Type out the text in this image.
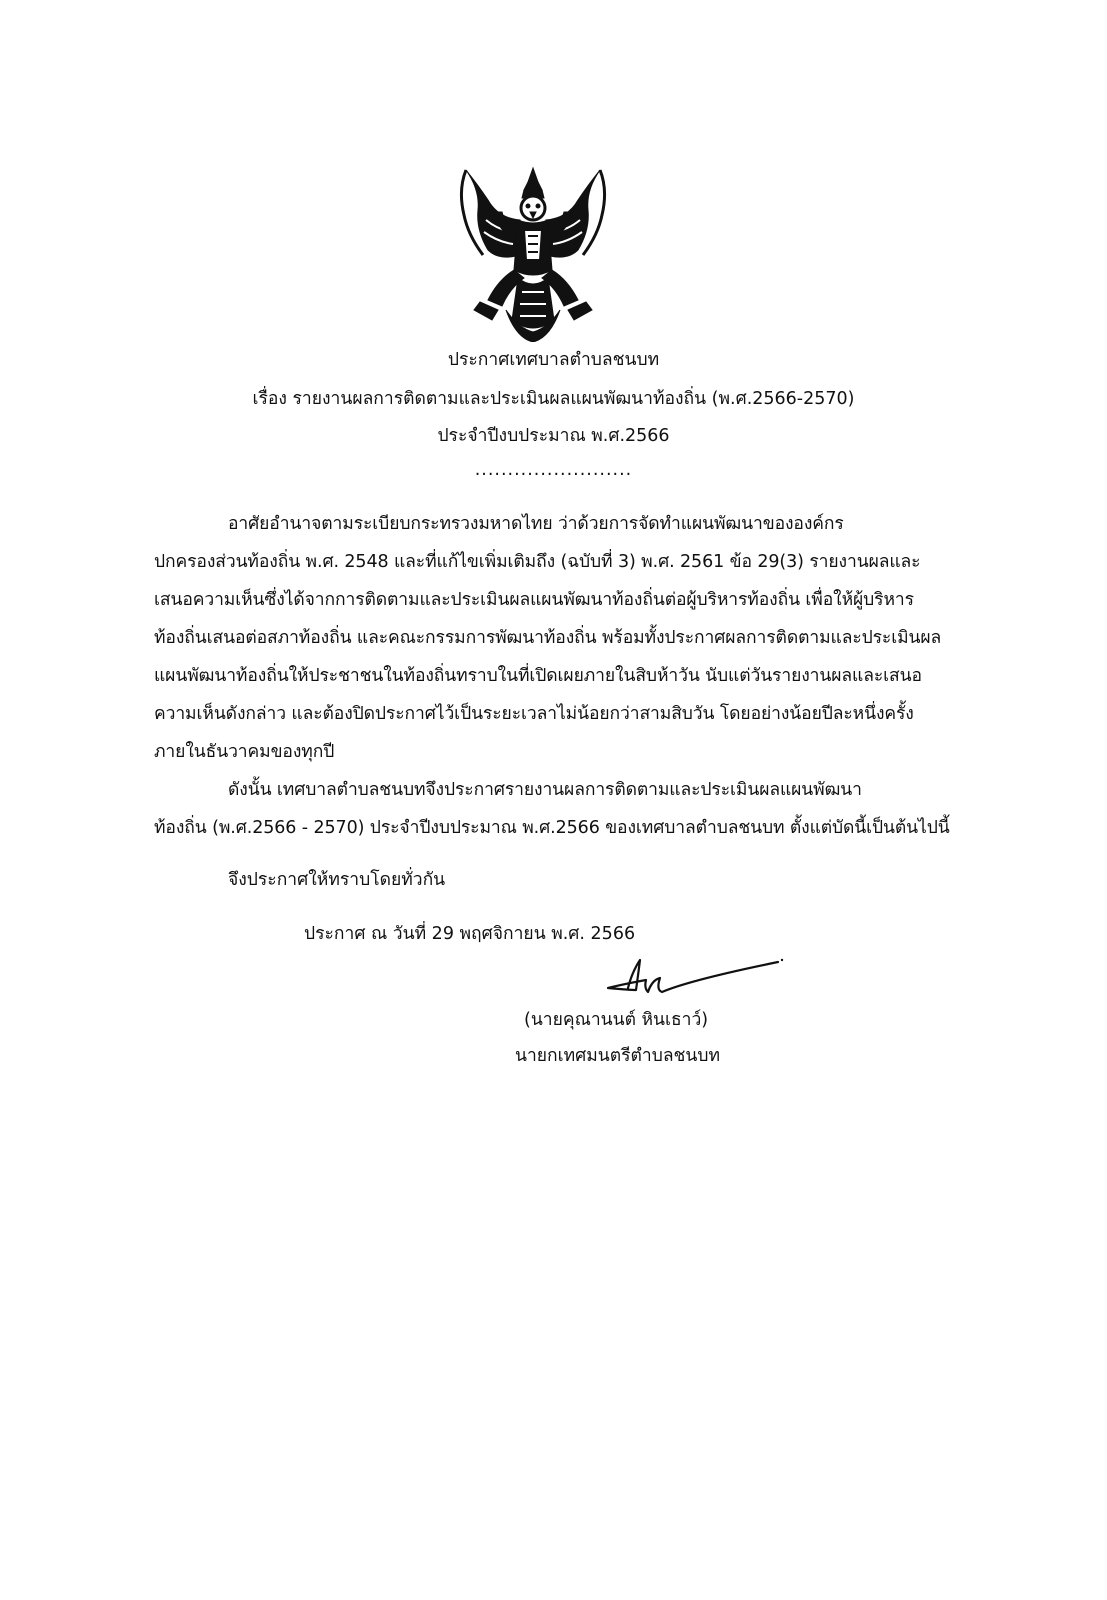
ประกาศเทศบาลตำบลชนบท
เรื่อง รายงานผลการติดตามและประเมินผลแผนพัฒนาท้องถิ่น (พ.ศ.2566-2570)
ประจำปีงบประมาณ พ.ศ.2566
........................
อาศัยอำนาจตามระเบียบกระทรวงมหาดไทย ว่าด้วยการจัดทำแผนพัฒนาขององค์กร
ปกครองส่วนท้องถิ่น พ.ศ. 2548 และที่แก้ไขเพิ่มเติมถึง (ฉบับที่ 3) พ.ศ. 2561 ข้อ 29(3) รายงานผลและ
เสนอความเห็นซึ่งได้จากการติดตามและประเมินผลแผนพัฒนาท้องถิ่นต่อผู้บริหารท้องถิ่น เพื่อให้ผู้บริหาร
ท้องถิ่นเสนอต่อสภาท้องถิ่น และคณะกรรมการพัฒนาท้องถิ่น พร้อมทั้งประกาศผลการติดตามและประเมินผล
แผนพัฒนาท้องถิ่นให้ประชาชนในท้องถิ่นทราบในที่เปิดเผยภายในสิบห้าวัน นับแต่วันรายงานผลและเสนอ
ความเห็นดังกล่าว และต้องปิดประกาศไว้เป็นระยะเวลาไม่น้อยกว่าสามสิบวัน โดยอย่างน้อยปีละหนึ่งครั้ง
ภายในธันวาคมของทุกปี
ดังนั้น เทศบาลตำบลชนบทจึงประกาศรายงานผลการติดตามและประเมินผลแผนพัฒนา
ท้องถิ่น (พ.ศ.2566 - 2570) ประจำปีงบประมาณ พ.ศ.2566 ของเทศบาลตำบลชนบท ตั้งแต่บัดนี้เป็นต้นไปนี้
จึงประกาศให้ทราบโดยทั่วกัน
ประกาศ ณ วันที่ 29 พฤศจิกายน พ.ศ. 2566
(นายคุณานนต์ หินเธาว์)
นายกเทศมนตรีตำบลชนบท
